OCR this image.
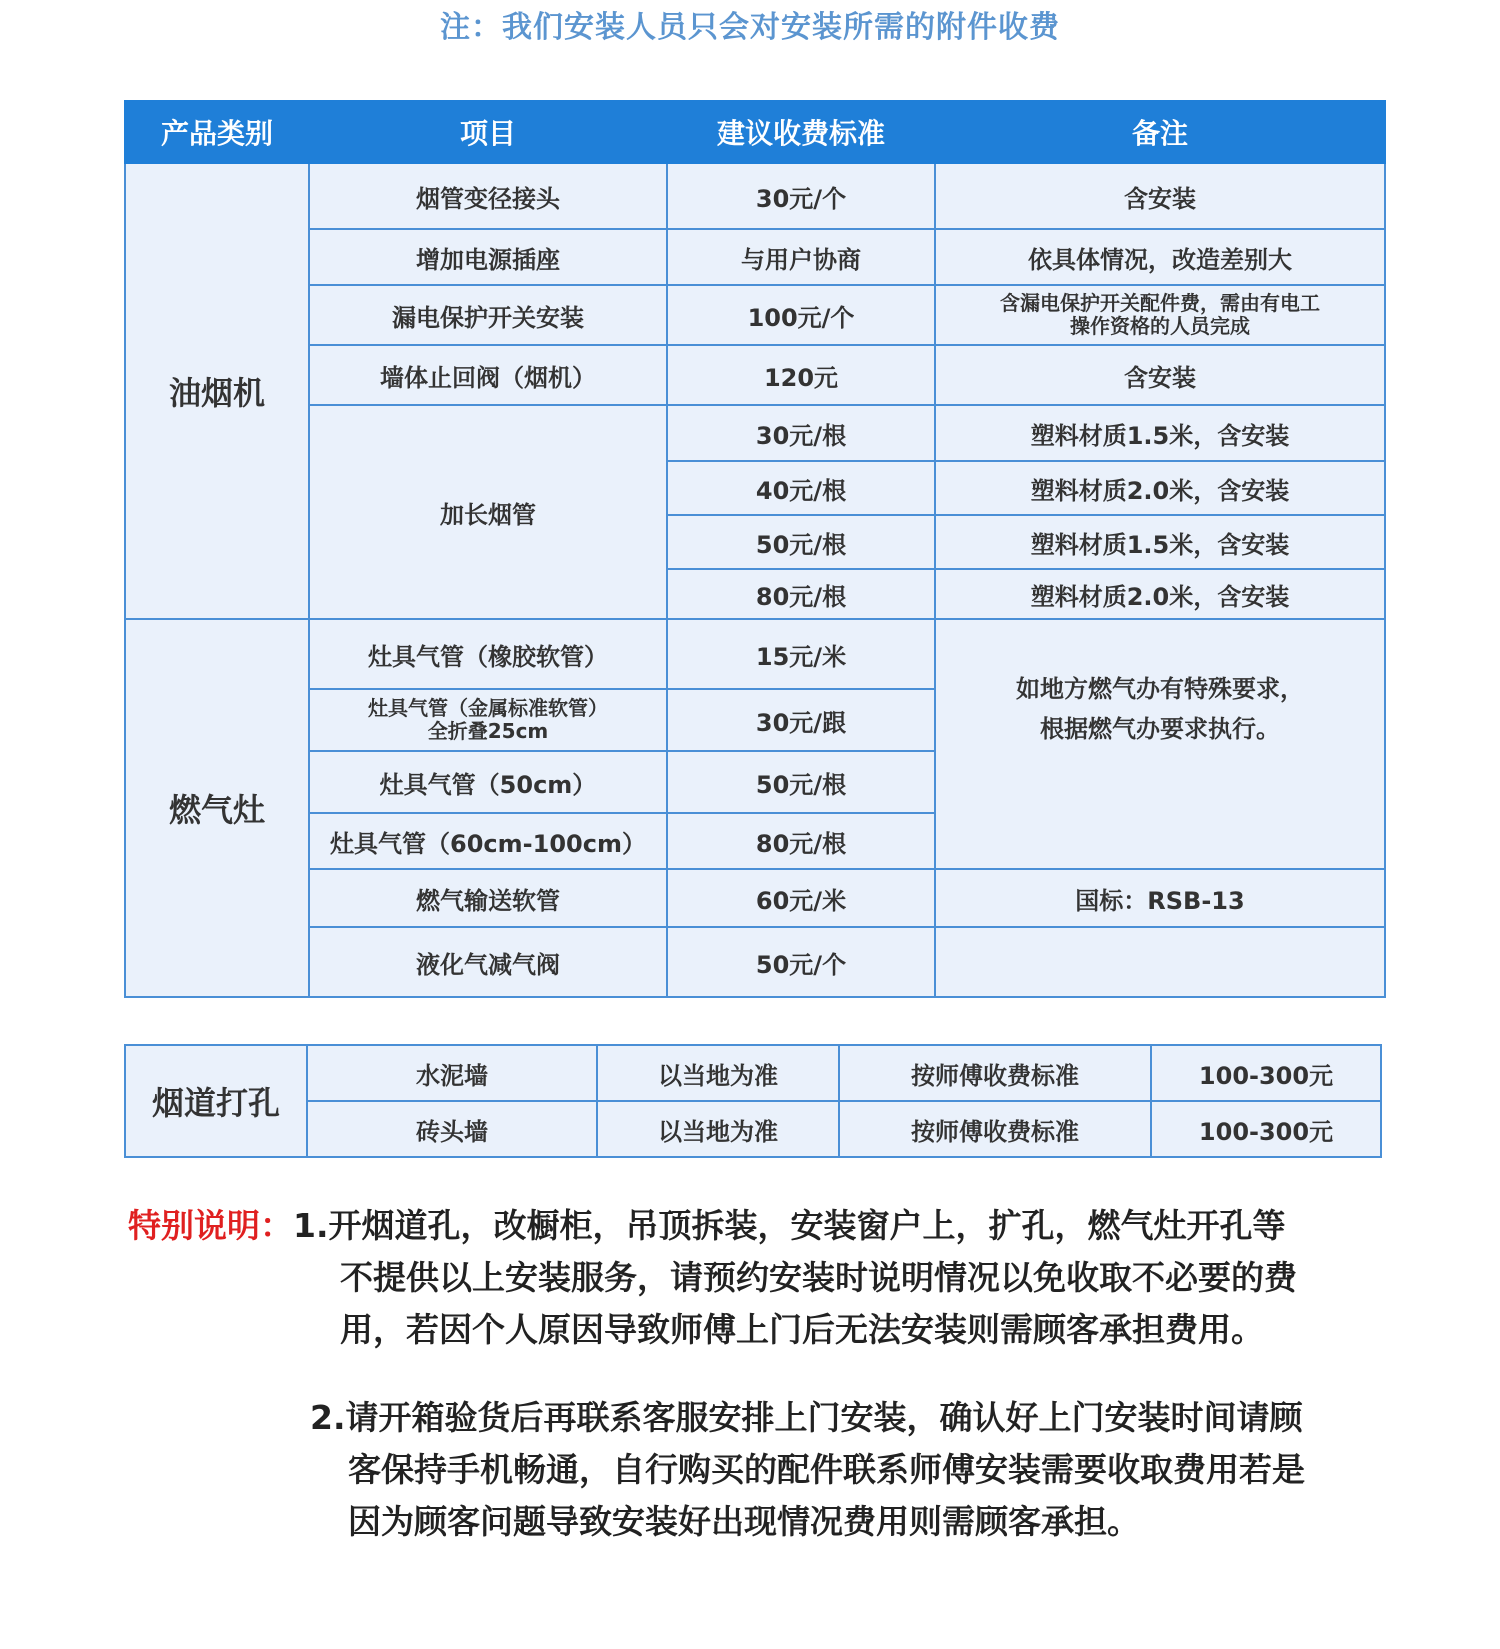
注：我们安装人员只会对安装所需的附件收费
产品类别	项目	建议收费标准	备注
油烟机	烟管变径接头	30元/个	含安装
	增加电源插座	与用户协商	依具体情况，改造差别大
	漏电保护开关安装	100元/个	含漏电保护开关配件费，需由有电工
操作资格的人员完成

	墙体止回阀（烟机）	120元	含安装
	加长烟管	30元/根	塑料材质1.5米，含安装
		40元/根	塑料材质2.0米，含安装
		50元/根	塑料材质1.5米，含安装
		80元/根	塑料材质2.0米，含安装

燃气灶	灶具气管（橡胶软管）	15元/米	如地方燃气办有特殊要求，
根据燃气办要求执行。

	灶具气管（金属标准软管）
全折叠25cm	30元/跟	
	灶具气管（50cm）	50元/根	
	灶具气管（60cm-100cm）	80元/根	
	燃气输送软管	60元/米	国标：RSB-13
	液化气减气阀	50元/个	
烟道打孔	水泥墙	以当地为准	按师傅收费标准	100-300元
	砖头墙	以当地为准	按师傅收费标准	100-300元
特别说明：1.开烟道孔，改橱柜，吊顶拆装，安装窗户上，扩孔，燃气灶开孔等
不提供以上安装服务，请预约安装时说明情况以免收取不必要的费
用，若因个人原因导致师傅上门后无法安装则需顾客承担费用。
2.请开箱验货后再联系客服安排上门安装，确认好上门安装时间请顾
客保持手机畅通，自行购买的配件联系师傅安装需要收取费用若是
因为顾客问题导致安装好出现情况费用则需顾客承担。
